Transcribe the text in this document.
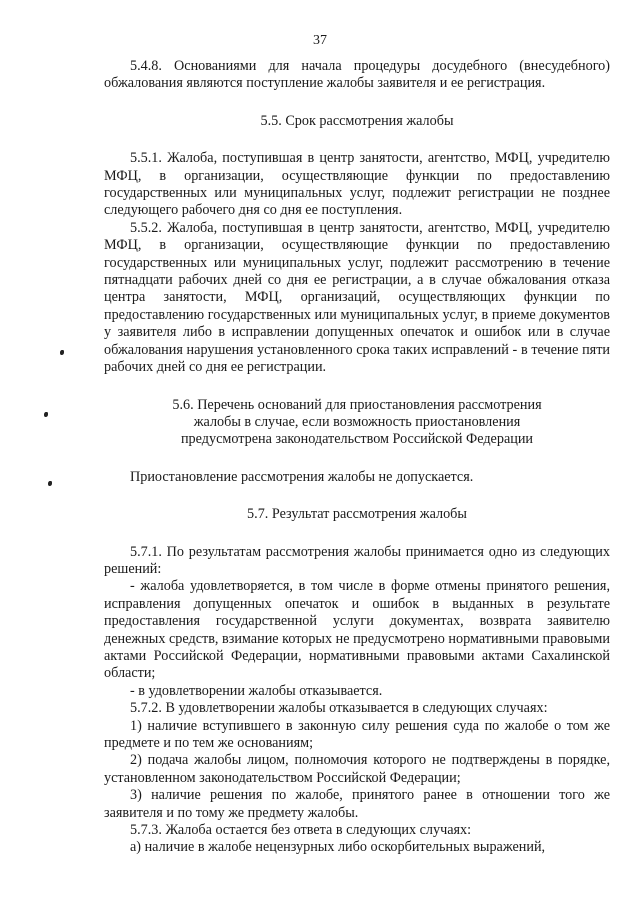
37

5.4.8. Основаниями для начала процедуры досудебного (внесудебного) обжалования являются поступление жалобы заявителя и ее регистрация.

5.5. Срок рассмотрения жалобы

5.5.1. Жалоба, поступившая в центр занятости, агентство, МФЦ, учредителю МФЦ, в организации, осуществляющие функции по предоставлению государственных или муниципальных услуг, подлежит регистрации не позднее следующего рабочего дня со дня ее поступления.

5.5.2. Жалоба, поступившая в центр занятости, агентство, МФЦ, учредителю МФЦ, в организации, осуществляющие функции по предоставлению государственных или муниципальных услуг, подлежит рассмотрению в течение пятнадцати рабочих дней со дня ее регистрации, а в случае обжалования отказа центра занятости, МФЦ, организаций, осуществляющих функции по предоставлению государственных или муниципальных услуг, в приеме документов у заявителя либо в исправлении допущенных опечаток и ошибок или в случае обжалования нарушения установленного срока таких исправлений - в течение пяти рабочих дней со дня ее регистрации.

5.6. Перечень оснований для приостановления рассмотрения
жалобы в случае, если возможность приостановления
предусмотрена законодательством Российской Федерации

Приостановление рассмотрения жалобы не допускается.

5.7. Результат рассмотрения жалобы

5.7.1. По результатам рассмотрения жалобы принимается одно из следующих решений:

- жалоба удовлетворяется, в том числе в форме отмены принятого решения, исправления допущенных опечаток и ошибок в выданных в результате предоставления государственной услуги документах, возврата заявителю денежных средств, взимание которых не предусмотрено нормативными правовыми актами Российской Федерации, нормативными правовыми актами Сахалинской области;

- в удовлетворении жалобы отказывается.

5.7.2. В удовлетворении жалобы отказывается в следующих случаях:

1) наличие вступившего в законную силу решения суда по жалобе о том же предмете и по тем же основаниям;

2) подача жалобы лицом, полномочия которого не подтверждены в порядке, установленном законодательством Российской Федерации;

3) наличие решения по жалобе, принятого ранее в отношении того же заявителя и по тому же предмету жалобы.

5.7.3. Жалоба остается без ответа в следующих случаях:

а) наличие в жалобе нецензурных либо оскорбительных выражений,
